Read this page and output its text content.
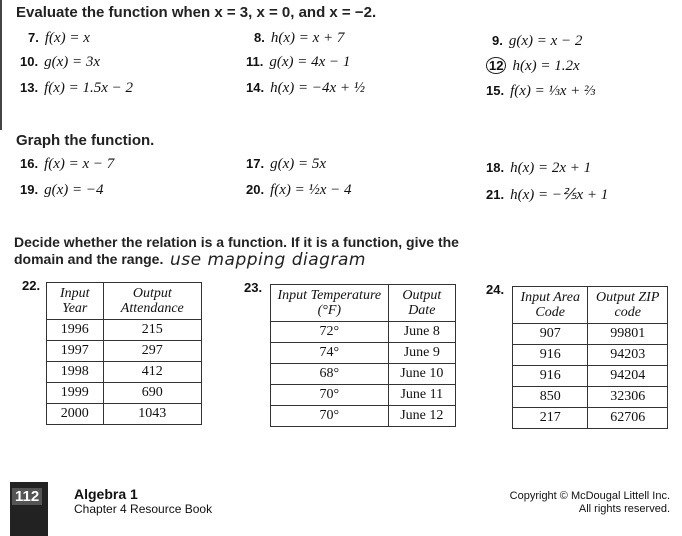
Evaluate the function when x = 3, x = 0, and x = −2.
7. f(x) = x	8. h(x) = x + 7	9. g(x) = x − 2
10. g(x) = 3x	11. g(x) = 4x − 1	12 h(x) = 1.2x
13. f(x) = 1.5x − 2	14. h(x) = −4x + ½	15. f(x) = ⅓x + ⅔
Graph the function.
16. f(x) = x − 7	17. g(x) = 5x	18. h(x) = 2x + 1
19. g(x) = −4	20. f(x) = ½x − 4	21. h(x) = −⅖x + 1
Decide whether the relation is a function. If it is a function, give the
domain and the range. use mapping diagram
22.
Input Year	Output Attendance
1996	215
1997	297
1998	412
1999	690
2000	1043
23.
Input Temperature (°F)	Output Date
72°	June 8
74°	June 9
68°	June 10
70°	June 11
70°	June 12
24.
Input Area Code	Output ZIP code
907	99801
916	94203
916	94204
850	32306
217	62706
112 Algebra 1
Chapter 4 Resource Book
Copyright © McDougal Littell Inc.
All rights reserved.
